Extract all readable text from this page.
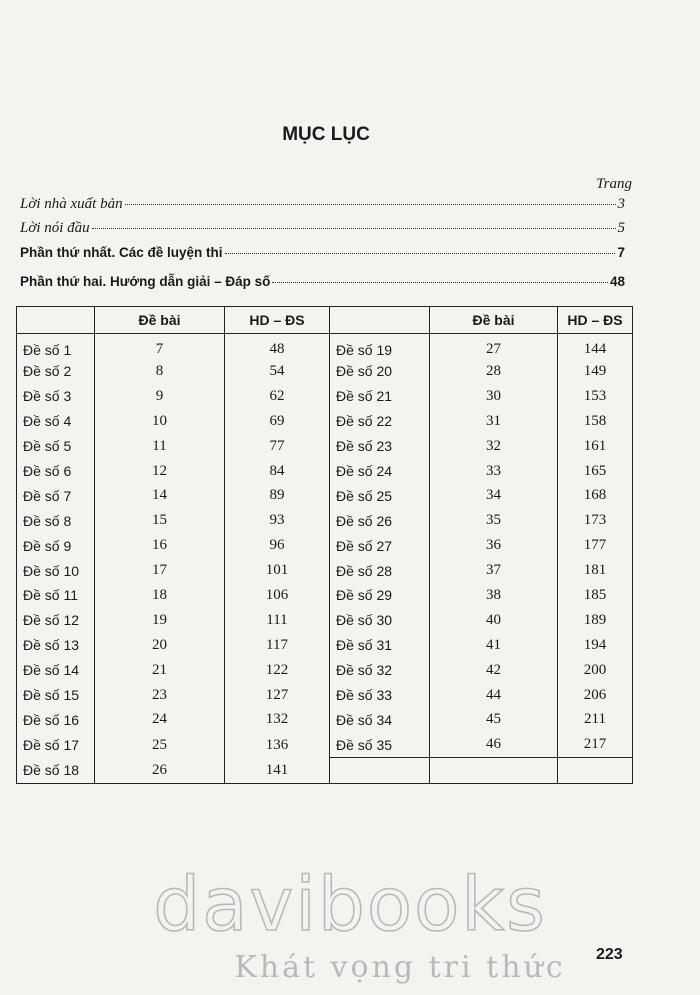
MỤC LỤC
Trang
Lời nhà xuất bản	3
Lời nói đầu	5
Phần thứ nhất. Các đề luyện thi	7
Phần thứ hai. Hướng dẫn giải – Đáp số	48
	Đề bài	HD – ĐS		Đề bài	HD – ĐS
Đề số 1	7	48	Đề số 19	27	144
Đề số 2	8	54	Đề số 20	28	149
Đề số 3	9	62	Đề số 21	30	153
Đề số 4	10	69	Đề số 22	31	158
Đề số 5	11	77	Đề số 23	32	161
Đề số 6	12	84	Đề số 24	33	165
Đề số 7	14	89	Đề số 25	34	168
Đề số 8	15	93	Đề số 26	35	173
Đề số 9	16	96	Đề số 27	36	177
Đề số 10	17	101	Đề số 28	37	181
Đề số 11	18	106	Đề số 29	38	185
Đề số 12	19	111	Đề số 30	40	189
Đề số 13	20	117	Đề số 31	41	194
Đề số 14	21	122	Đề số 32	42	200
Đề số 15	23	127	Đề số 33	44	206
Đề số 16	24	132	Đề số 34	45	211
Đề số 17	25	136	Đề số 35	46	217
Đề số 18	26	141			
davibooks
Khát vọng tri thức	223
